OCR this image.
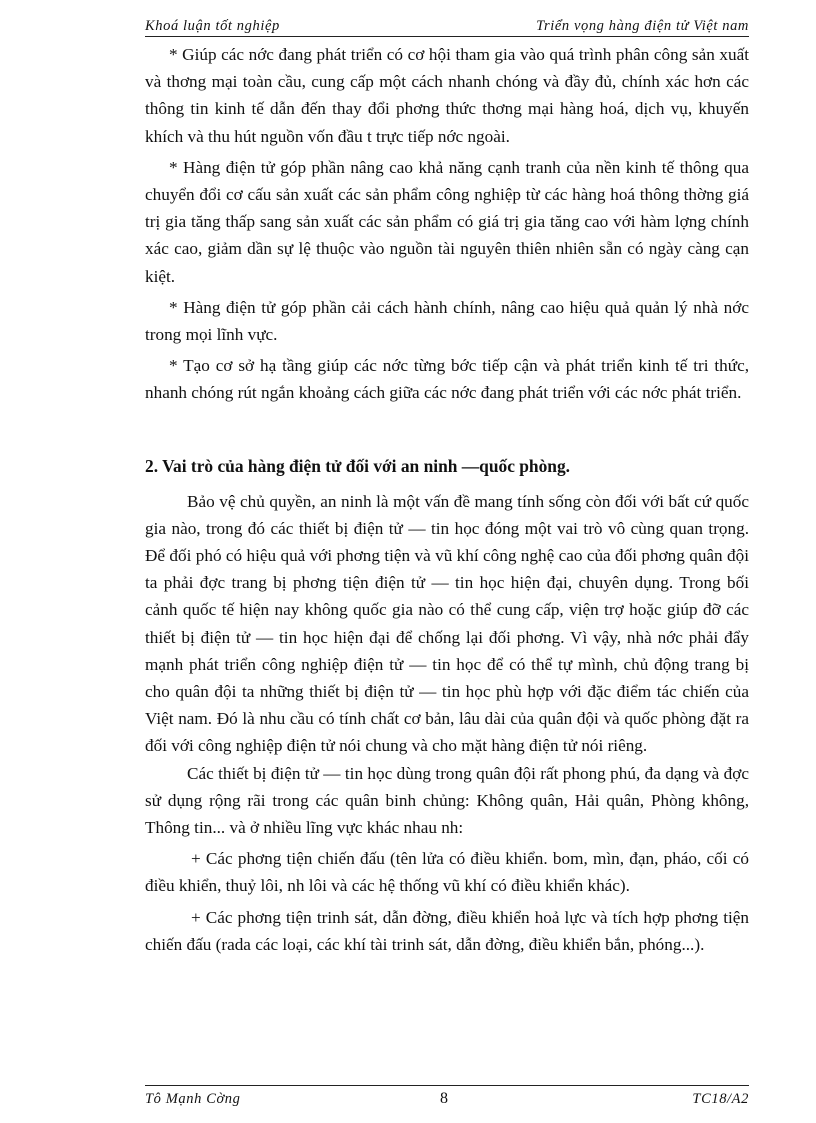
Khoá luận tốt nghiệp	Triển vọng hàng điện tử Việt nam

* Giúp các nớc đang phát triển có cơ hội tham gia vào quá trình phân công sản xuất và thơng mại toàn cầu, cung cấp một cách nhanh chóng và đầy đủ, chính xác hơn các thông tin kinh tế dẫn đến thay đổi phơng thức thơng mại hàng hoá, dịch vụ, khuyến khích và thu hút nguồn vốn đầu t trực tiếp nớc ngoài.

* Hàng điện tử góp phần nâng cao khả năng cạnh tranh của nền kinh tế thông qua chuyển đổi cơ cấu sản xuất các sản phẩm công nghiệp từ các hàng hoá thông thờng giá trị gia tăng thấp sang sản xuất các sản phẩm có giá trị gia tăng cao với hàm lợng chính xác cao, giảm dần sự lệ thuộc vào nguồn tài nguyên thiên nhiên sẵn có ngày càng cạn kiệt.

* Hàng điện tử góp phần cải cách hành chính, nâng cao hiệu quả quản lý nhà nớc trong mọi lĩnh vực.

* Tạo cơ sở hạ tầng giúp các nớc từng bớc tiếp cận và phát triển kinh tế tri thức, nhanh chóng rút ngắn khoảng cách giữa các nớc đang phát triển với các nớc phát triển.

2. Vai trò của hàng điện tử đối với an ninh —quốc phòng.

Bảo vệ chủ quyền, an ninh là một vấn đề mang tính sống còn đối với bất cứ quốc gia nào, trong đó các thiết bị điện tử — tin học đóng một vai trò vô cùng quan trọng. Để đối phó có hiệu quả với phơng tiện và vũ khí công nghệ cao của đối phơng quân đội ta phải đợc trang bị phơng tiện điện tử — tin học hiện đại, chuyên dụng. Trong bối cảnh quốc tế hiện nay không quốc gia nào có thể cung cấp, viện trợ hoặc giúp đỡ các thiết bị điện tử — tin học hiện đại để chống lại đối phơng. Vì vậy, nhà nớc phải đẩy mạnh phát triển công nghiệp điện tử — tin học để có thể tự mình, chủ động trang bị cho quân đội ta những thiết bị điện tử — tin học phù hợp với đặc điểm tác chiến của Việt nam. Đó là nhu cầu có tính chất cơ bản, lâu dài của quân đội và quốc phòng đặt ra đối với công nghiệp điện tử nói chung và cho mặt hàng điện tử nói riêng.

Các thiết bị điện tử — tin học dùng trong quân đội rất phong phú, đa dạng và đợc sử dụng rộng rãi trong các quân binh chủng: Không quân, Hải quân, Phòng không, Thông tin... và ở nhiều lĩng vực khác nhau nh:

+ Các phơng tiện chiến đấu (tên lửa có điều khiển. bom, mìn, đạn, pháo, cối có điều khiển, thuỷ lôi, nh lôi và các hệ thống vũ khí có điều khiển khác).

+ Các phơng tiện trinh sát, dẫn đờng, điều khiển hoả lực và tích hợp phơng tiện chiến đấu (rada các loại, các khí tài trinh sát, dẫn đờng, điều khiển bắn, phóng...).

Tô Mạnh Cờng	8	TC18/A2
